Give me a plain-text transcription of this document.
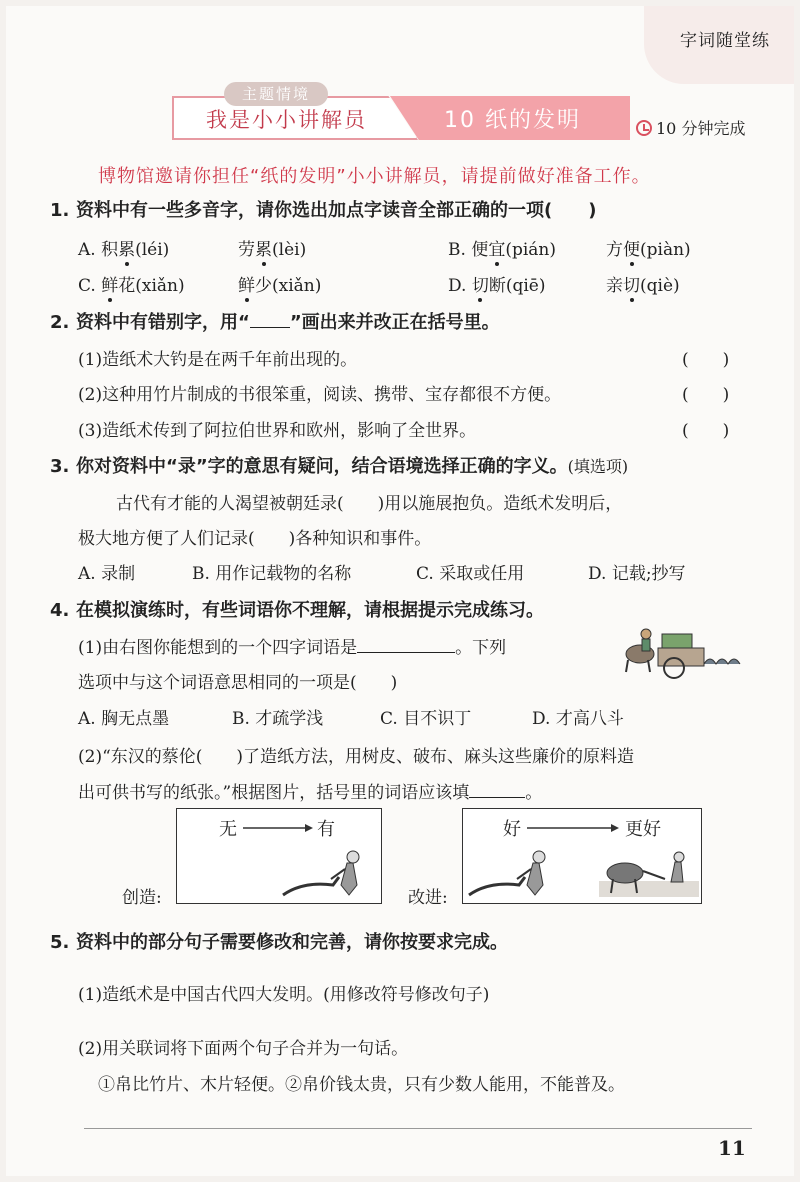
字词随堂练
主题情境
我是小小讲解员	10 纸的发明	10 分钟完成
博物馆邀请你担任“纸的发明”小小讲解员，请提前做好准备工作。
1. 资料中有一些多音字，请你选出加点字读音全部正确的一项(　　)
A. 积累(léi)	劳累(lèi)	B. 便宜(pián)	方便(piàn)
C. 鲜花(xiǎn)	鲜少(xiǎn)	D. 切断(qiē)	亲切(qiè)
2. 资料中有错别字，用“ ”画出来并改正在括号里。
(1)造纸术大钓是在两千年前出现的。	(　　)
(2)这种用竹片制成的书很笨重，阅读、携带、宝存都很不方便。	(　　)
(3)造纸术传到了阿拉伯世界和欧州，影响了全世界。	(　　)
3. 你对资料中“录”字的意思有疑问，结合语境选择正确的字义。(填选项)
古代有才能的人渴望被朝廷录(　　)用以施展抱负。造纸术发明后，
极大地方便了人们记录(　　)各种知识和事件。
A. 录制	B. 用作记载物的名称	C. 采取或任用	D. 记载;抄写
4. 在模拟演练时，有些词语你不理解，请根据提示完成练习。
(1)由右图你能想到的一个四字词语是	。下列
选项中与这个词语意思相同的一项是(　　)
A. 胸无点墨	B. 才疏学浅	C. 目不识丁	D. 才高八斗
(2)“东汉的蔡伦(　　)了造纸方法，用树皮、破布、麻头这些廉价的原料造
出可供书写的纸张。”根据图片，括号里的词语应该填	。
无	有
创造:
好	更好
改进:
5. 资料中的部分句子需要修改和完善，请你按要求完成。
(1)造纸术是中国古代四大发明。(用修改符号修改句子)
(2)用关联词将下面两个句子合并为一句话。
①帛比竹片、木片轻便。②帛价钱太贵，只有少数人能用，不能普及。
11
